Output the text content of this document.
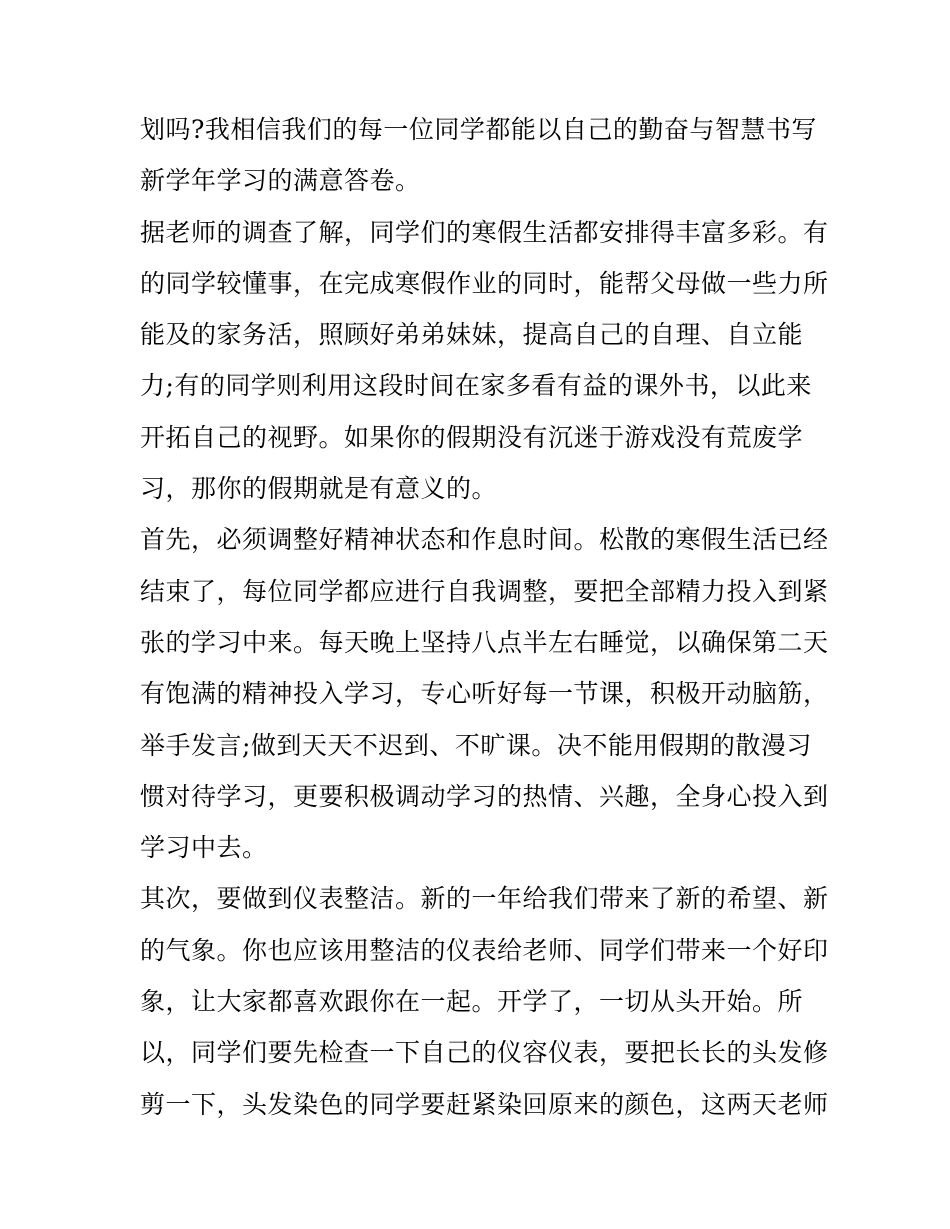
划吗?我相信我们的每一位同学都能以自己的勤奋与智慧书写
新学年学习的满意答卷。
据老师的调查了解，同学们的寒假生活都安排得丰富多彩。有
的同学较懂事，在完成寒假作业的同时，能帮父母做一些力所
能及的家务活，照顾好弟弟妹妹，提高自己的自理、自立能
力;有的同学则利用这段时间在家多看有益的课外书，以此来
开拓自己的视野。如果你的假期没有沉迷于游戏没有荒废学
习，那你的假期就是有意义的。
首先，必须调整好精神状态和作息时间。松散的寒假生活已经
结束了，每位同学都应进行自我调整，要把全部精力投入到紧
张的学习中来。每天晚上坚持八点半左右睡觉，以确保第二天
有饱满的精神投入学习，专心听好每一节课，积极开动脑筋，
举手发言;做到天天不迟到、不旷课。决不能用假期的散漫习
惯对待学习，更要积极调动学习的热情、兴趣，全身心投入到
学习中去。
其次，要做到仪表整洁。新的一年给我们带来了新的希望、新
的气象。你也应该用整洁的仪表给老师、同学们带来一个好印
象，让大家都喜欢跟你在一起。开学了，一切从头开始。所
以，同学们要先检查一下自己的仪容仪表，要把长长的头发修
剪一下，头发染色的同学要赶紧染回原来的颜色，这两天老师
